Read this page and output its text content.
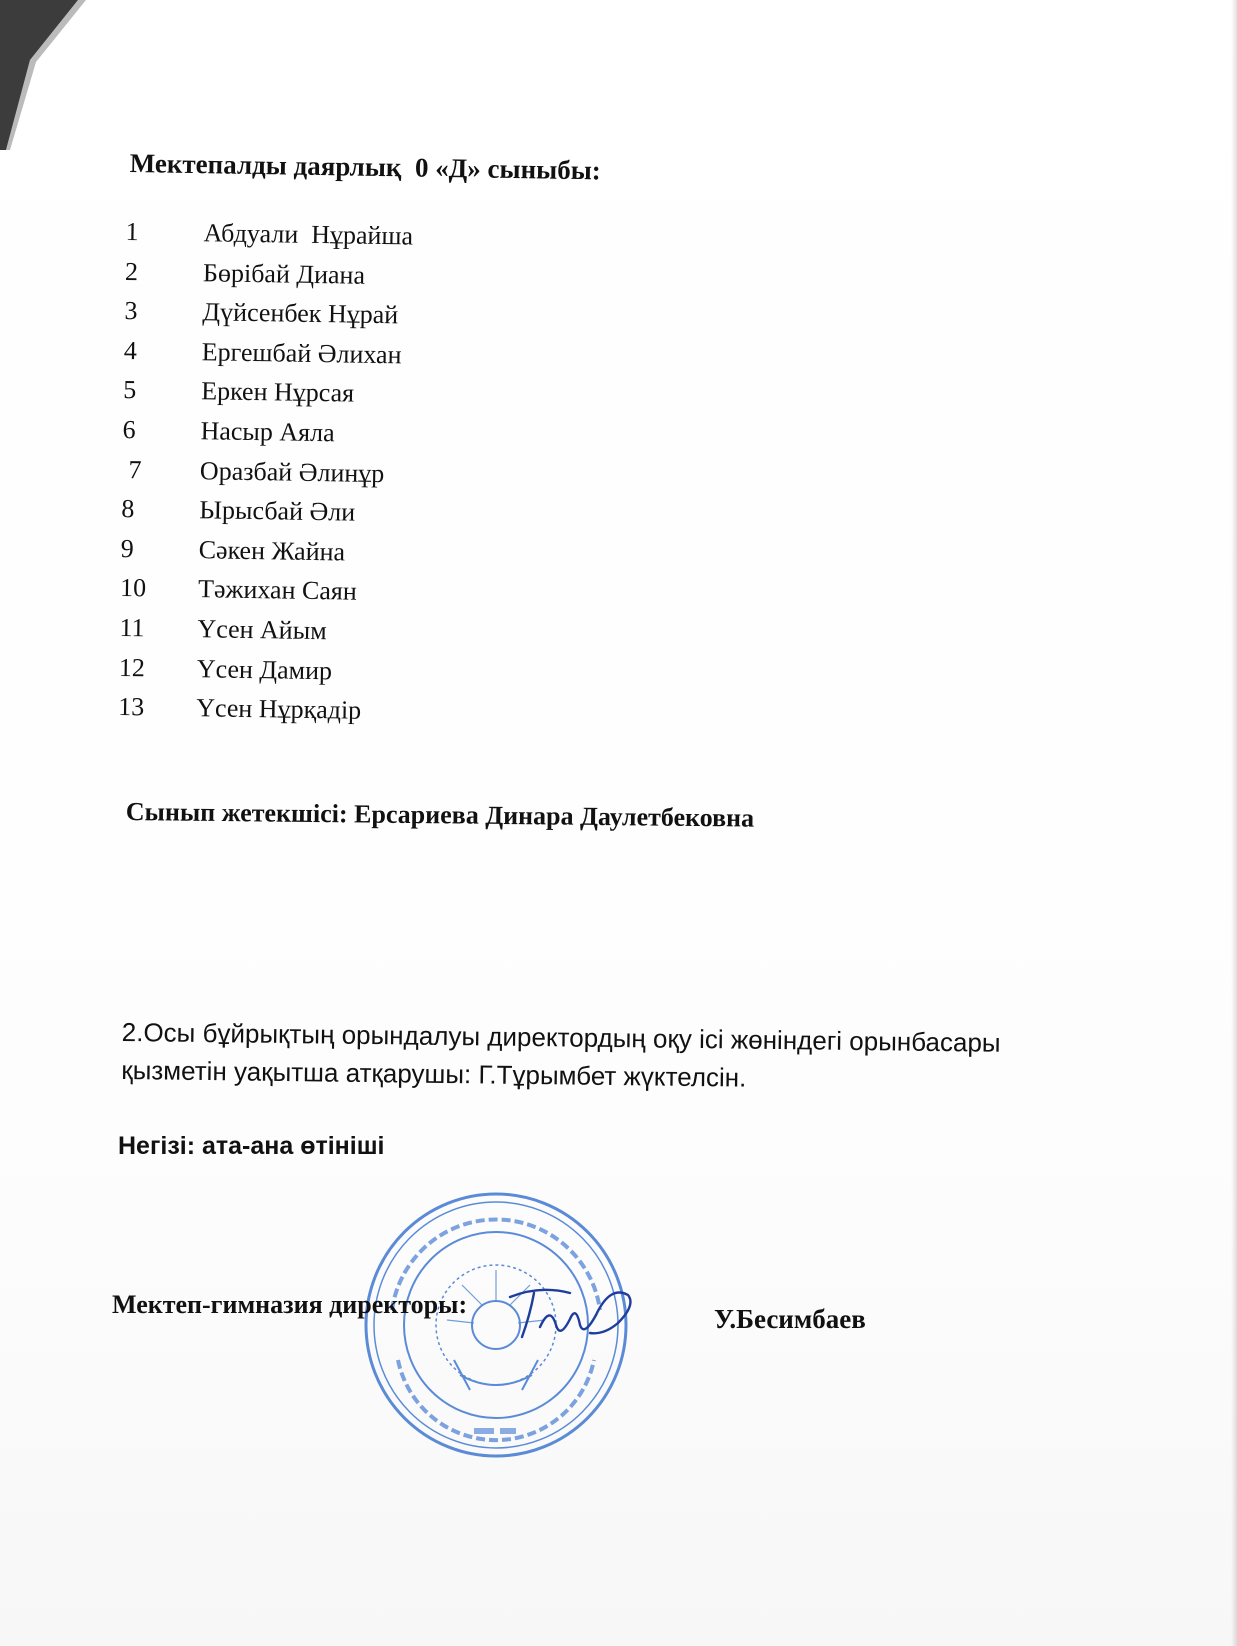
Мектепалды даярлық  0 «Д» сыныбы:
1	Абдуали  Нұрайша
2	Бөрібай Диана
3	Дүйсенбек Нұрай
4	Ергешбай Әлихан
5	Еркен Нұрсая
6	Насыр Аяла
7	Оразбай Әлинұр
8	Ырысбай Әли
9	Сәкен Жайна
10	Тәжихан Саян
11	Үсен Айым
12	Үсен Дамир
13	Үсен Нұрқадір
Сынып жетекшісі: Ерсариева Динара Даулетбековна
2.Осы бұйрықтың орындалуы директордың оқу ісі жөніндегі орынбасары қызметін уақытша атқарушы: Г.Тұрымбет жүктелсін.
Негізі: ата-ана өтініші
Мектеп-гимназия директоры:	У.Бесимбаев
